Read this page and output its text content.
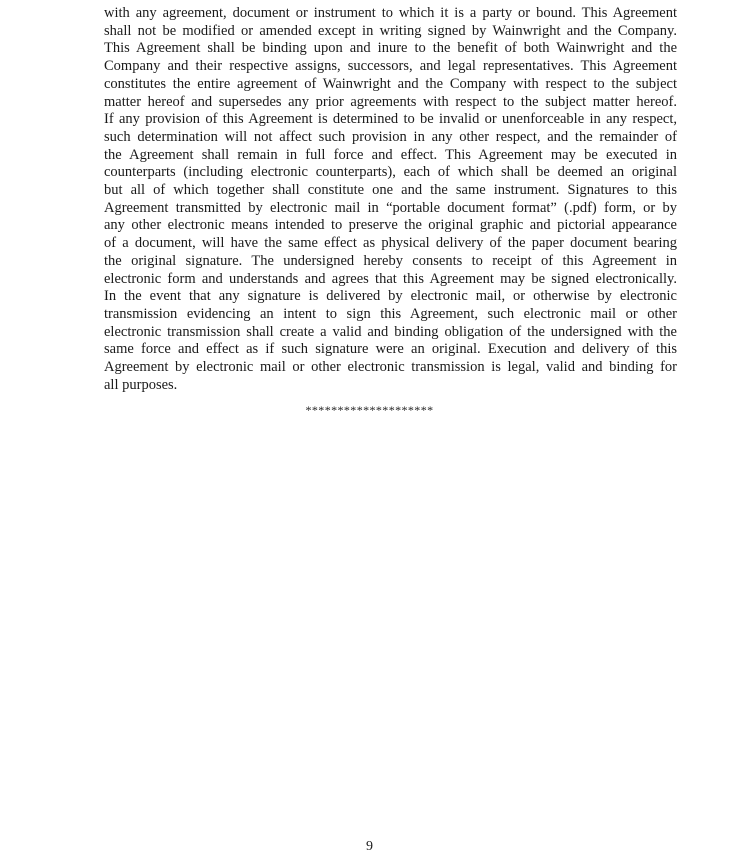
with any agreement, document or instrument to which it is a party or bound. This Agreement
shall not be modified or amended except in writing signed by Wainwright and the Company.
This Agreement shall be binding upon and inure to the benefit of both Wainwright and the
Company and their respective assigns, successors, and legal representatives. This Agreement
constitutes the entire agreement of Wainwright and the Company with respect to the subject
matter hereof and supersedes any prior agreements with respect to the subject matter hereof.
If any provision of this Agreement is determined to be invalid or unenforceable in any respect,
such determination will not affect such provision in any other respect, and the remainder of
the Agreement shall remain in full force and effect. This Agreement may be executed in
counterparts (including electronic counterparts), each of which shall be deemed an original
but all of which together shall constitute one and the same instrument. Signatures to this
Agreement transmitted by electronic mail in “portable document format” (.pdf) form, or by
any other electronic means intended to preserve the original graphic and pictorial appearance
of a document, will have the same effect as physical delivery of the paper document bearing
the original signature. The undersigned hereby consents to receipt of this Agreement in
electronic form and understands and agrees that this Agreement may be signed electronically.
In the event that any signature is delivered by electronic mail, or otherwise by electronic
transmission evidencing an intent to sign this Agreement, such electronic mail or other
electronic transmission shall create a valid and binding obligation of the undersigned with the
same force and effect as if such signature were an original. Execution and delivery of this
Agreement by electronic mail or other electronic transmission is legal, valid and binding for
all purposes.
********************
9
